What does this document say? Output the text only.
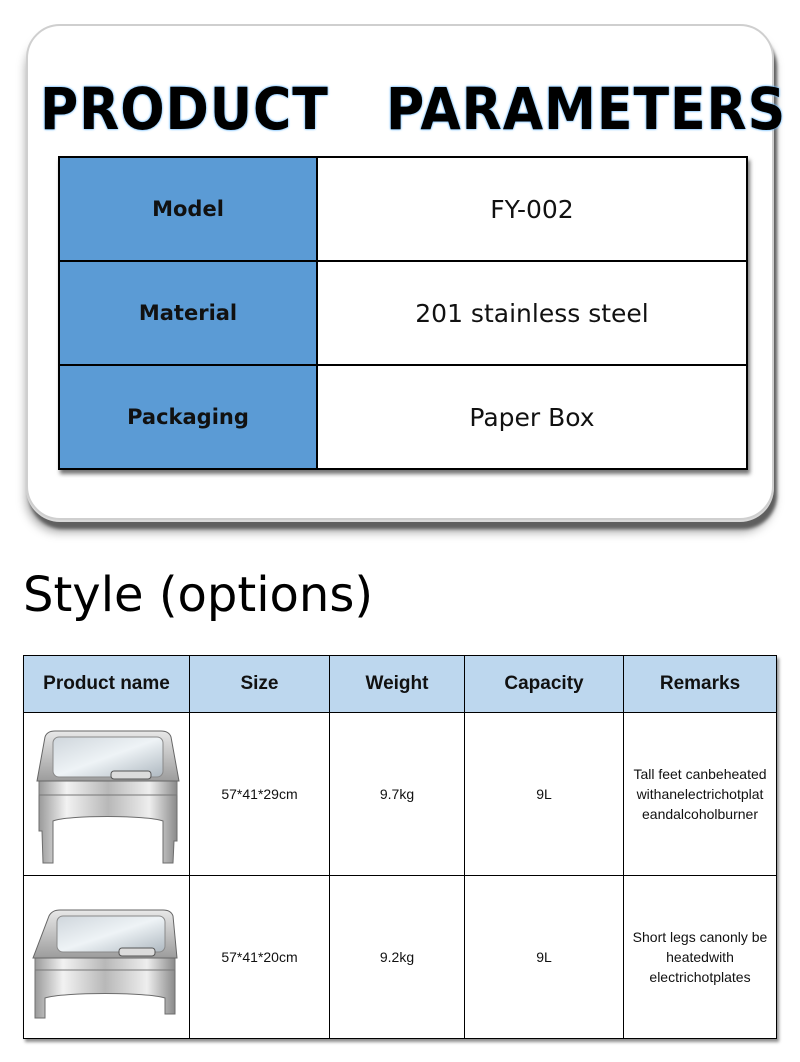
PRODUCT   PARAMETERS
Model	FY-002
Material	201 stainless steel
Packaging	Paper Box
Style (options)
Product name	Size	Weight	Capacity	Remarks

	57*41*29cm	9.7kg	9L	Tall feet canbeheated withanelectrichotplat eandalcoholburner

	57*41*20cm	9.2kg	9L	Short legs canonly be heatedwith electrichotplates
